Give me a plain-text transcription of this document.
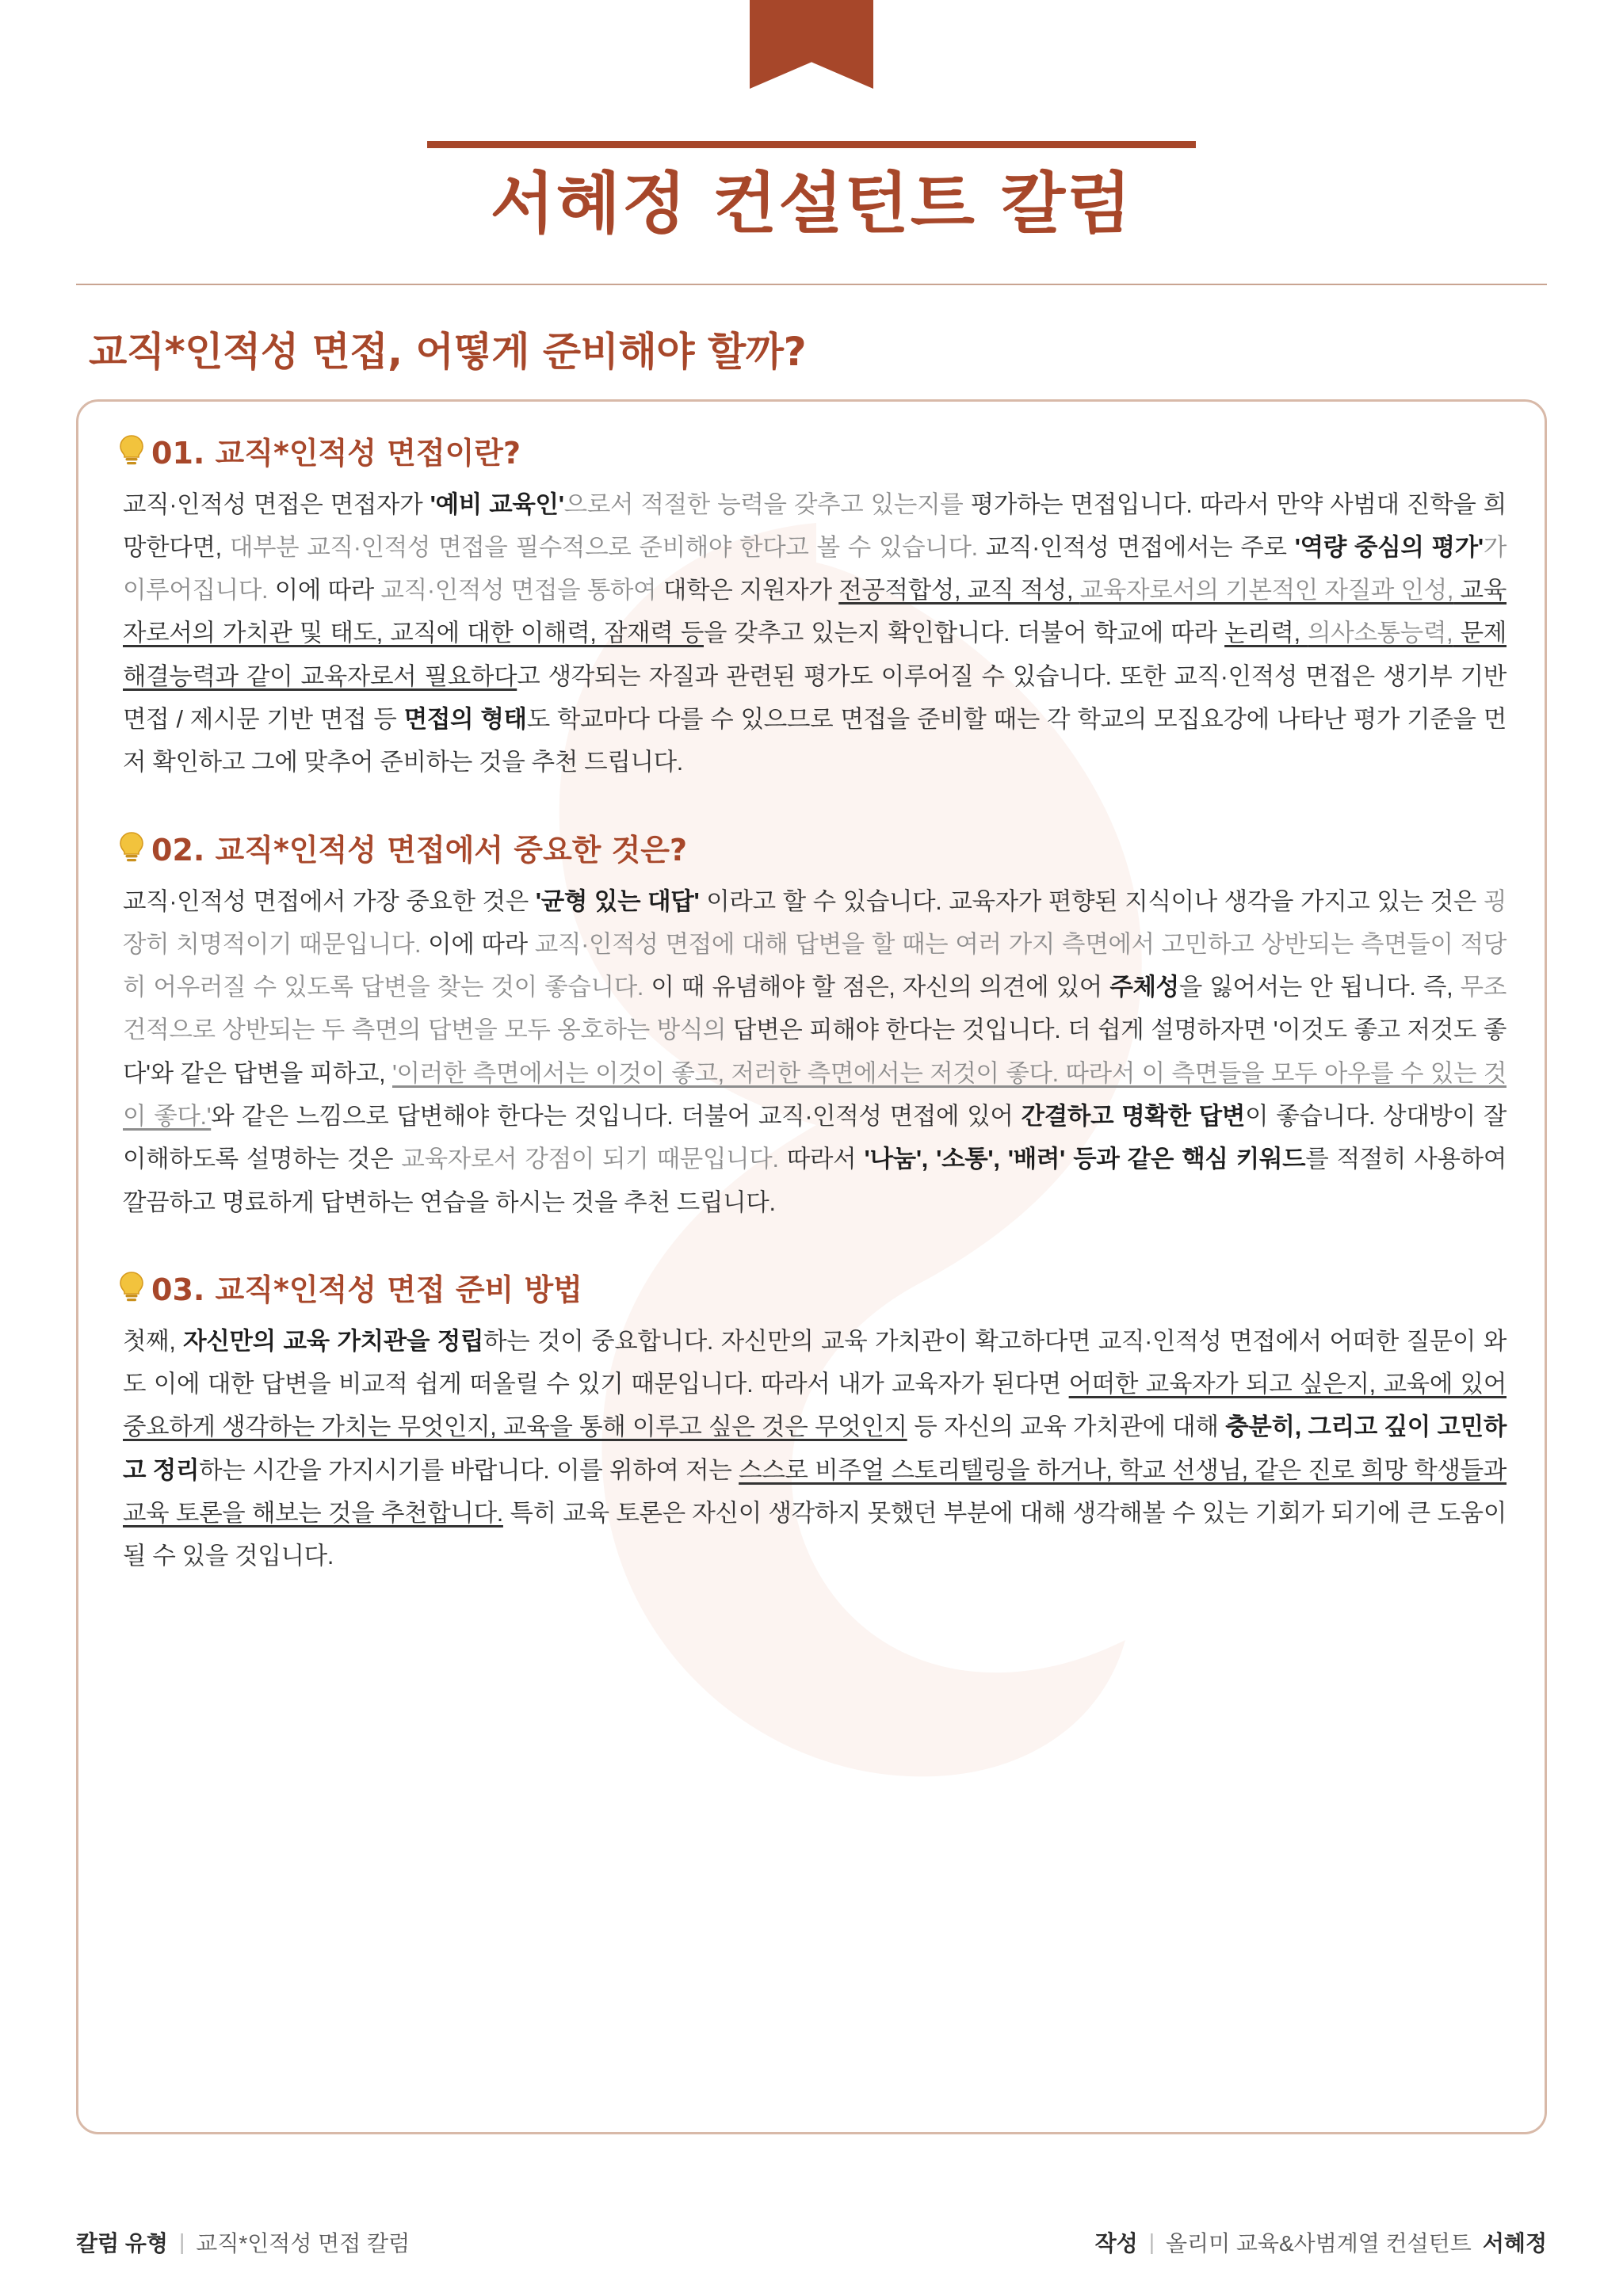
서혜정 컨설턴트 칼럼
교직*인적성 면접, 어떻게 준비해야 할까?
01. 교직*인적성 면접이란?

교직·인적성 면접은 면접자가 '예비 교육인'으로서 적절한 능력을 갖추고 있는지를 평가하는 면접입니다. 따라서 만약 사범대 진학을 희망한다면, 대부분 교직·인적성 면접을 필수적으로 준비해야 한다고 볼 수 있습니다. 교직·인적성 면접에서는 주로 '역량 중심의 평가'가 이루어집니다. 이에 따라 교직·인적성 면접을 통하여 대학은 지원자가 전공적합성, 교직 적성, 교육자로서의 기본적인 자질과 인성, 교육자로서의 가치관 및 태도, 교직에 대한 이해력, 잠재력 등을 갖추고 있는지 확인합니다. 더불어 학교에 따라 논리력, 의사소통능력, 문제해결능력과 같이 교육자로서 필요하다고 생각되는 자질과 관련된 평가도 이루어질 수 있습니다. 또한 교직·인적성 면접은 생기부 기반 면접 / 제시문 기반 면접 등 면접의 형태도 학교마다 다를 수 있으므로 면접을 준비할 때는 각 학교의 모집요강에 나타난 평가 기준을 먼저 확인하고 그에 맞추어 준비하는 것을 추천 드립니다.

02. 교직*인적성 면접에서 중요한 것은?

교직·인적성 면접에서 가장 중요한 것은 '균형 있는 대답' 이라고 할 수 있습니다. 교육자가 편향된 지식이나 생각을 가지고 있는 것은 굉장히 치명적이기 때문입니다. 이에 따라 교직·인적성 면접에 대해 답변을 할 때는 여러 가지 측면에서 고민하고 상반되는 측면들이 적당히 어우러질 수 있도록 답변을 찾는 것이 좋습니다. 이 때 유념해야 할 점은, 자신의 의견에 있어 주체성을 잃어서는 안 됩니다. 즉, 무조건적으로 상반되는 두 측면의 답변을 모두 옹호하는 방식의 답변은 피해야 한다는 것입니다. 더 쉽게 설명하자면 '이것도 좋고 저것도 좋다'와 같은 답변을 피하고, '이러한 측면에서는 이것이 좋고, 저러한 측면에서는 저것이 좋다. 따라서 이 측면들을 모두 아우를 수 있는 것이 좋다.'와 같은 느낌으로 답변해야 한다는 것입니다. 더불어 교직·인적성 면접에 있어 간결하고 명확한 답변이 좋습니다. 상대방이 잘 이해하도록 설명하는 것은 교육자로서 강점이 되기 때문입니다. 따라서 '나눔', '소통', '배려' 등과 같은 핵심 키워드를 적절히 사용하여 깔끔하고 명료하게 답변하는 연습을 하시는 것을 추천 드립니다.

03. 교직*인적성 면접 준비 방법

첫째, 자신만의 교육 가치관을 정립하는 것이 중요합니다. 자신만의 교육 가치관이 확고하다면 교직·인적성 면접에서 어떠한 질문이 와도 이에 대한 답변을 비교적 쉽게 떠올릴 수 있기 때문입니다. 따라서 내가 교육자가 된다면 어떠한 교육자가 되고 싶은지, 교육에 있어 중요하게 생각하는 가치는 무엇인지, 교육을 통해 이루고 싶은 것은 무엇인지 등 자신의 교육 가치관에 대해 충분히, 그리고 깊이 고민하고 정리하는 시간을 가지시기를 바랍니다. 이를 위하여 저는 스스로 비주얼 스토리텔링을 하거나, 학교 선생님, 같은 진로 희망 학생들과 교육 토론을 해보는 것을 추천합니다. 특히 교육 토론은 자신이 생각하지 못했던 부분에 대해 생각해볼 수 있는 기회가 되기에 큰 도움이 될 수 있을 것입니다.

칼럼 유형 | 교직*인적성 면접 칼럼	작성 | 올리미 교육&사범계열 컨설턴트 서혜정
